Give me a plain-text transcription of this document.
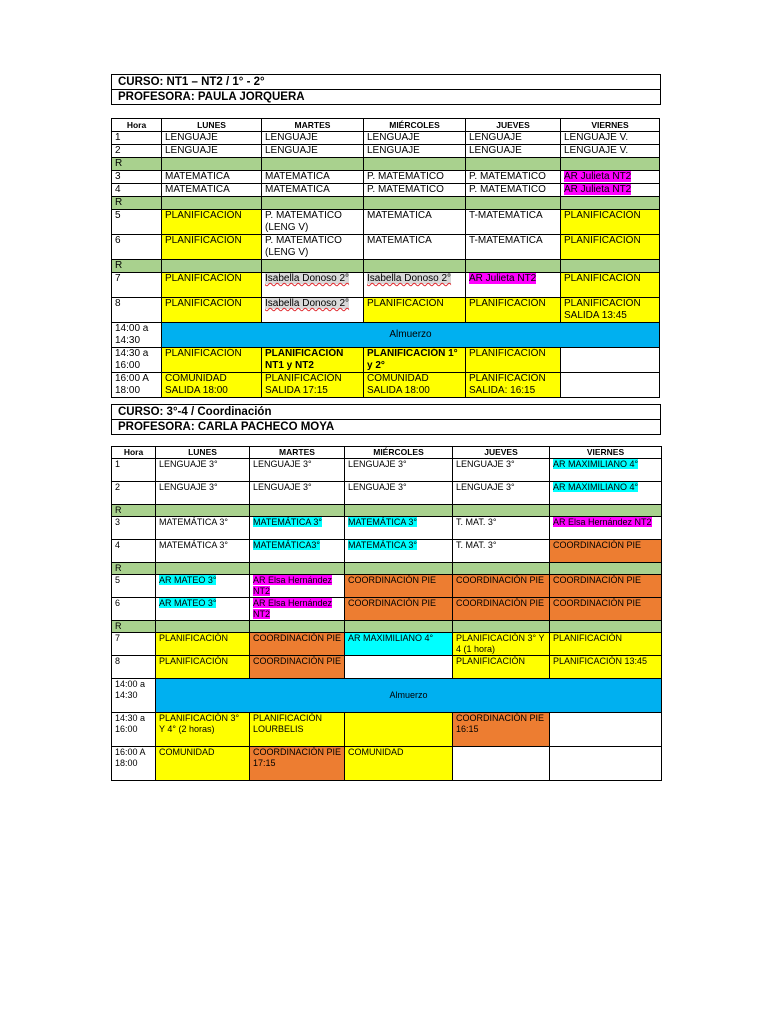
CURSO: NT1 – NT2 / 1° - 2°
PROFESORA: PAULA JORQUERA
Hora	LUNES	MARTES	MIÉRCOLES	JUEVES	VIERNES
1	LENGUAJE	LENGUAJE	LENGUAJE	LENGUAJE	LENGUAJE V.
2	LENGUAJE	LENGUAJE	LENGUAJE	LENGUAJE	LENGUAJE V.
R					
3	MATEMÁTICA	MATEMÁTICA	P. MATEMÁTICO	P. MATEMÁTICO	AR Julieta NT2
4	MATEMÁTICA	MATEMÁTICA	P. MATEMÁTICO	P. MATEMÁTICO	AR Julieta NT2
R					
5	PLANIFICACIÓN	P. MATEMÁTICO (LENG V)	MATEMÁTICA	T-MATEMÁTICA	PLANIFICACIÓN
6	PLANIFICACIÓN	P. MATEMÁTICO (LENG V)	MATEMÁTICA	T-MATEMÁTICA	PLANIFICACIÓN
R					
7	PLANIFICACIÓN	Isabella Donoso 2°	Isabella Donoso 2°	AR Julieta NT2	PLANIFICACIÓN
8	PLANIFICACIÓN	Isabella Donoso 2°	PLANIFICACIÓN	PLANIFICACIÓN	PLANIFICACIÓN SALIDA 13:45
14:00 a 14:30	Almuerzo				
14:30 a 16:00	PLANIFICACIÓN	PLANIFICACIÓN NT1 y NT2	PLANIFICACIÓN 1° y 2°	PLANIFICACIÓN	
16:00 A 18:00	COMUNIDAD SALIDA 18:00	PLANIFICACIÓN SALIDA 17:15	COMUNIDAD SALIDA 18:00	PLANIFICACIÓN SALIDA: 16:15	
CURSO: 3°-4 / Coordinación
PROFESORA: CARLA PACHECO MOYA
Hora	LUNES	MARTES	MIÉRCOLES	JUEVES	VIERNES
1	LENGUAJE 3°	LENGUAJE 3°	LENGUAJE 3°	LENGUAJE 3°	AR MAXIMILIANO 4°
2	LENGUAJE 3°	LENGUAJE 3°	LENGUAJE 3°	LENGUAJE 3°	AR MAXIMILIANO 4°
R					
3	MATEMÁTICA 3°	MATEMÁTICA 3°	MATEMÁTICA 3°	T. MAT. 3°	AR Elsa Hernández NT2
4	MATEMÁTICA 3°	MATEMÁTICA3°	MATEMÁTICA 3°	T. MAT. 3°	COORDINACIÓN PIE
R					
5	AR MATEO 3°	AR Elsa Hernández NT2	COORDINACIÓN PIE	COORDINACIÓN PIE	COORDINACIÓN PIE
6	AR MATEO 3°	AR Elsa Hernández NT2	COORDINACIÓN PIE	COORDINACIÓN PIE	COORDINACIÓN PIE
R					
7	PLANIFICACIÓN	COORDINACIÓN PIE	AR MAXIMILIANO 4°	PLANIFICACIÓN 3° Y 4 (1 hora)	PLANIFICACIÓN
8	PLANIFICACIÓN	COORDINACIÓN PIE		PLANIFICACIÓN	PLANIFICACIÓN 13:45
14:00 a 14:30	Almuerzo				
14:30 a 16:00	PLANIFICACIÓN 3° Y 4° (2 horas)	PLANIFICACIÓN LOURBELIS		COORDINACIÓN PIE 16:15	
16:00 A 18:00	COMUNIDAD	COORDINACIÓN PIE 17:15	COMUNIDAD		
